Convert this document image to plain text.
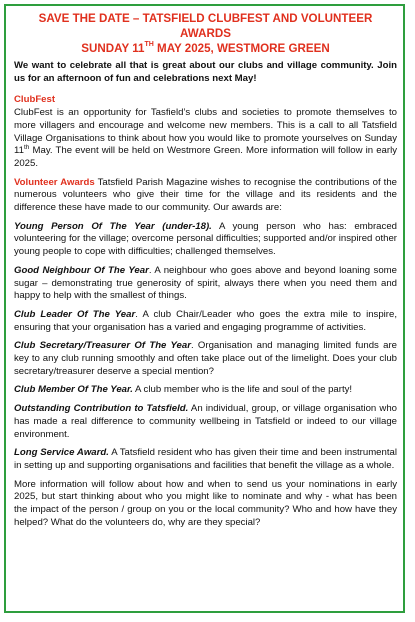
SAVE THE DATE – TATSFIELD CLUBFEST AND VOLUNTEER AWARDS
SUNDAY 11TH MAY 2025, WESTMORE GREEN

We want to celebrate all that is great about our clubs and village community. Join us for an afternoon of fun and celebrations next May!

ClubFest
ClubFest is an opportunity for Tasfield’s clubs and societies to promote themselves to more villagers and encourage and welcome new members. This is a call to all Tatsfield Village Organisations to think about how you would like to promote yourselves on Sunday 11th May. The event will be held on Westmore Green. More information will follow in early 2025.

Volunteer Awards Tatsfield Parish Magazine wishes to recognise the contributions of the numerous volunteers who give their time for the village and its residents and the difference these have made to our community. Our awards are:

Young Person Of The Year (under-18). A young person who has: embraced volunteering for the village; overcome personal difficulties; supported and/or inspired other young people to cope with difficulties; challenged themselves.

Good Neighbour Of The Year. A neighbour who goes above and beyond loaning some sugar – demonstrating true generosity of spirit, always there when you need them and happy to help with the smallest of things.

Club Leader Of The Year. A club Chair/Leader who goes the extra mile to inspire, ensuring that your organisation has a varied and engaging programme of activities.

Club Secretary/Treasurer Of The Year. Organisation and managing limited funds are key to any club running smoothly and often take place out of the limelight. Does your club secretary/treasurer deserve a special mention?

Club Member Of The Year. A club member who is the life and soul of the party!

Outstanding Contribution to Tatsfield. An individual, group, or village organisation who has made a real difference to community wellbeing in Tatsfield or indeed to our village environment.

Long Service Award. A Tatsfield resident who has given their time and been instrumental in setting up and supporting organisations and facilities that benefit the village as a whole.

More information will follow about how and when to send us your nominations in early 2025, but start thinking about who you might like to nominate and why - what has been the impact of the person / group on you or the local community? Who and how have they helped? What do the volunteers do, why are they special?
